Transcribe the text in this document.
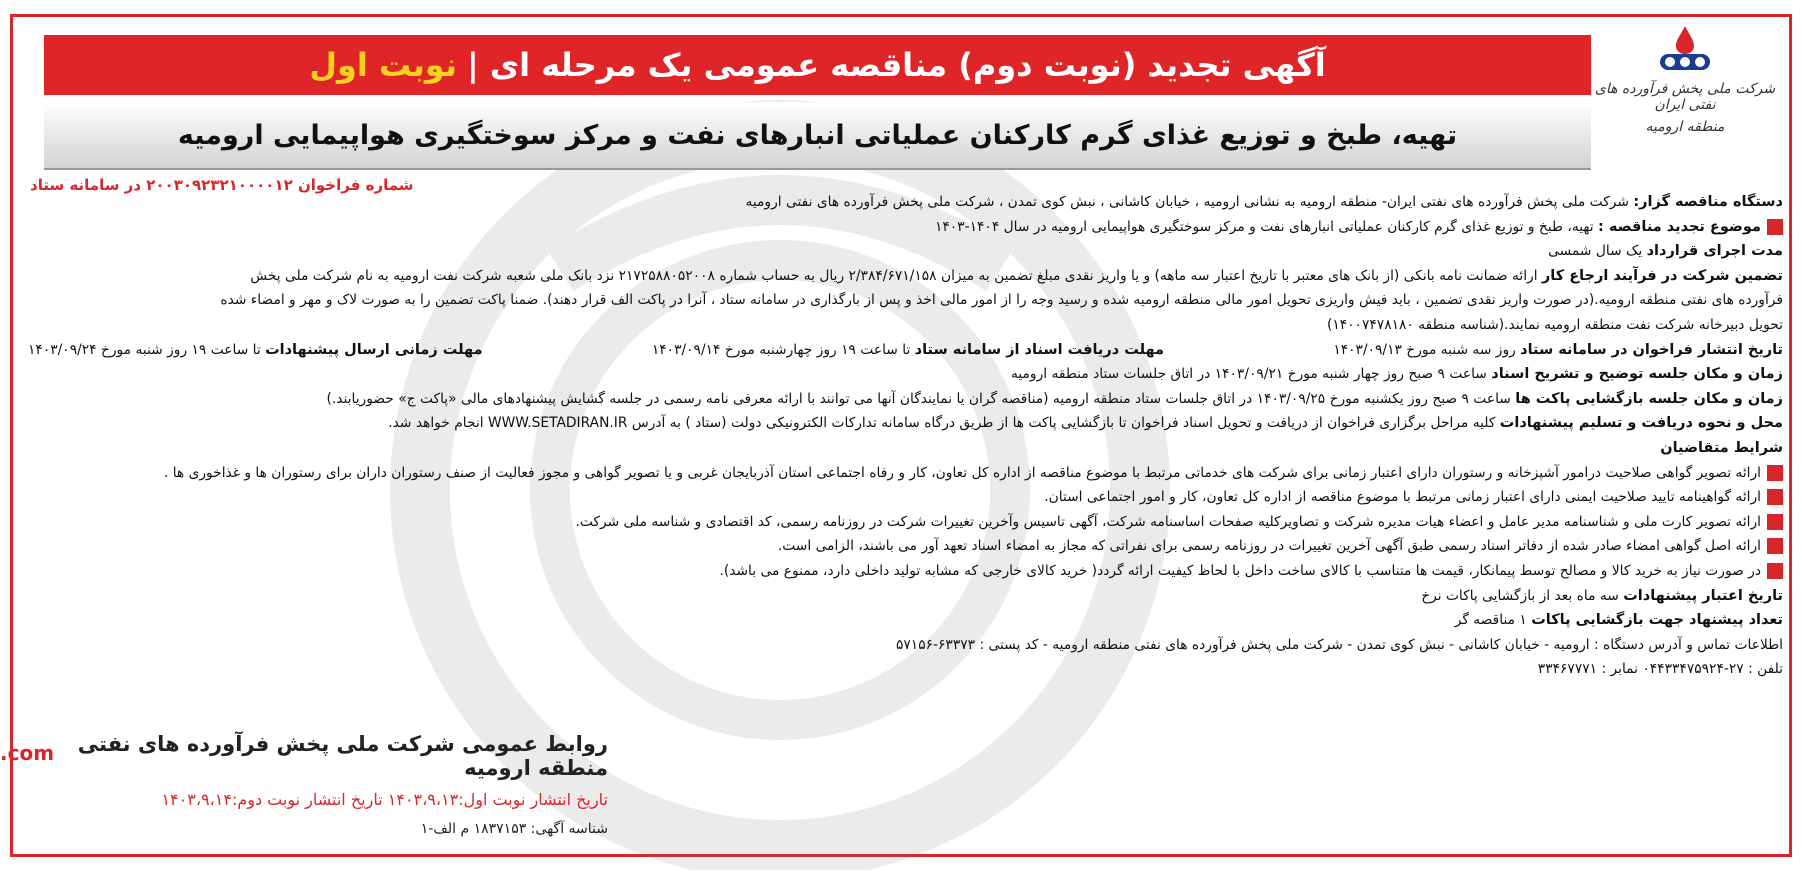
شرکت ملی پخش فرآورده های نفتی ایران
منطقه ارومیه
آگهی تجدید (نوبت دوم) مناقصه عمومی یک مرحله ای |
نوبت اول
تهیه، طبخ و توزیع غذای گرم کارکنان عملیاتی انبارهای نفت و مرکز سوختگیری هواپیمایی ارومیه
شماره فراخوان ۲۰۰۳۰۹۲۳۲۱۰۰۰۰۱۲ در سامانه ستاد
دستگاه مناقصه گزار: شرکت ملی پخش فرآورده های نفتی ایران- منطقه ارومیه به نشانی ارومیه ، خیابان کاشانی ، نبش کوی تمدن ، شرکت ملی پخش فرآورده های نفتی ارومیه
موضوع تجدید مناقصه : تهیه، طبخ و توزیع غذای گرم کارکنان عملیاتی انبارهای نفت و مرکز سوختگیری هواپیمایی ارومیه در سال ۱۴۰۴-۱۴۰۳
مدت اجرای قرارداد یک سال شمسی
تضمین شرکت در فرآیند ارجاع کار ارائه ضمانت نامه بانکی (از بانک های معتبر با تاریخ اعتبار سه ماهه) و یا واریز نقدی مبلغ تضمین به میزان ۲/۳۸۴/۶۷۱/۱۵۸ ریال به حساب شماره ۲۱۷۲۵۸۸۰۵۲۰۰۸ نزد بانک ملی شعبه شرکت نفت ارومیه به نام شرکت ملی پخش
فرآورده های نفتی منطقه ارومیه.(در صورت واریز نقدی تضمین ، باید فیش واریزی تحویل امور مالی منطقه ارومیه شده و رسید وجه را از امور مالی اخذ و پس از بارگذاری در سامانه ستاد ، آنرا در پاکت الف قرار دهند). ضمنا پاکت تضمین را به صورت لاک و مهر و امضاء شده
تحویل دبیرخانه شرکت نفت منطقه ارومیه نمایند.(شناسه منطقه ۱۴۰۰۷۴۷۸۱۸۰)
تاریخ انتشار فراخوان در سامانه ستاد روز سه شنبه مورخ ۱۴۰۳/۰۹/۱۳
مهلت دریافت اسناد از سامانه ستاد تا ساعت ۱۹ روز چهارشنبه مورخ ۱۴۰۳/۰۹/۱۴
مهلت زمانی ارسال پیشنهادات تا ساعت ۱۹ روز شنبه مورخ ۱۴۰۳/۰۹/۲۴
زمان و مکان جلسه توضیح و تشریح اسناد ساعت ۹ صبح روز چهار شنبه مورخ ۱۴۰۳/۰۹/۲۱ در اتاق جلسات ستاد منطقه ارومیه
زمان و مکان جلسه بازگشایی پاکت ها ساعت ۹ صبح روز یکشنبه مورخ ۱۴۰۳/۰۹/۲۵ در اتاق جلسات ستاد منطقه ارومیه (مناقصه گران یا نمایندگان آنها می توانند با ارائه معرفی نامه رسمی در جلسه گشایش پیشنهادهای مالی «پاکت ج» حضوریابند.)
محل و نحوه دریافت و تسلیم پیشنهادات کلیه مراحل برگزاری فراخوان از دریافت و تحویل اسناد فراخوان تا بازگشایی پاکت ها از طریق درگاه سامانه تدارکات الکترونیکی دولت (ستاد ) به آدرس WWW.SETADIRAN.IR انجام خواهد شد.
شرایط متقاضیان
ارائه تصویر گواهی صلاحیت درامور آشپزخانه و رستوران دارای اعتبار زمانی برای شرکت های خدماتی مرتبط با موضوع مناقصه از اداره کل تعاون، کار و رفاه اجتماعی استان آذربایجان غربی و یا تصویر گواهی و مجوز فعالیت از صنف رستوران داران برای رستوران ها و غذاخوری ها .
ارائه گواهینامه تایید صلاحیت ایمنی دارای اعتبار زمانی مرتبط با موضوع مناقصه از اداره کل تعاون، کار و امور اجتماعی استان.
ارائه تصویر کارت ملی و شناسنامه مدیر عامل و اعضاء هیات مدیره شرکت و تصاویرکلیه صفحات اساسنامه شرکت، آگهی تاسیس وآخرین تغییرات شرکت در روزنامه رسمی، کد اقتصادی و شناسه ملی شرکت.
ارائه اصل گواهی امضاء صادر شده از دفاتر اسناد رسمی طبق آگهی آخرین تغییرات در روزنامه رسمی برای نفراتی که مجاز به امضاء اسناد تعهد آور می باشند، الزامی است.
در صورت نیاز به خرید کالا و مصالح توسط پیمانکار، قیمت ها متناسب با کالای ساخت داخل با لحاظ کیفیت ارائه گردد( خرید کالای خارجی که مشابه تولید داخلی دارد، ممنوع می باشد).
تاریخ اعتبار پیشنهادات سه ماه بعد از بازگشایی پاکات نرخ
تعداد پیشنهاد جهت بازگشایی پاکات ۱ مناقصه گر
اطلاعات تماس و آدرس دستگاه : ارومیه - خیابان کاشانی - نبش کوی تمدن - شرکت ملی پخش فرآورده های نفتی منطقه ارومیه - کد پستی : ۶۳۳۷۳-۵۷۱۵۶
تلفن : ۲۷-۰۴۴۳۳۴۷۵۹۲۴ نمابر : ۳۳۴۶۷۷۷۱
روابط عمومی شرکت ملی پخش فرآورده های نفتی منطقه ارومیه
تاریخ انتشار نوبت اول:۱۴۰۳،۹،۱۳ تاریخ انتشار نوبت دوم:۱۴۰۳،۹،۱۴
شناسه آگهی: ۱۸۳۷۱۵۳ م الف-۱
.com
